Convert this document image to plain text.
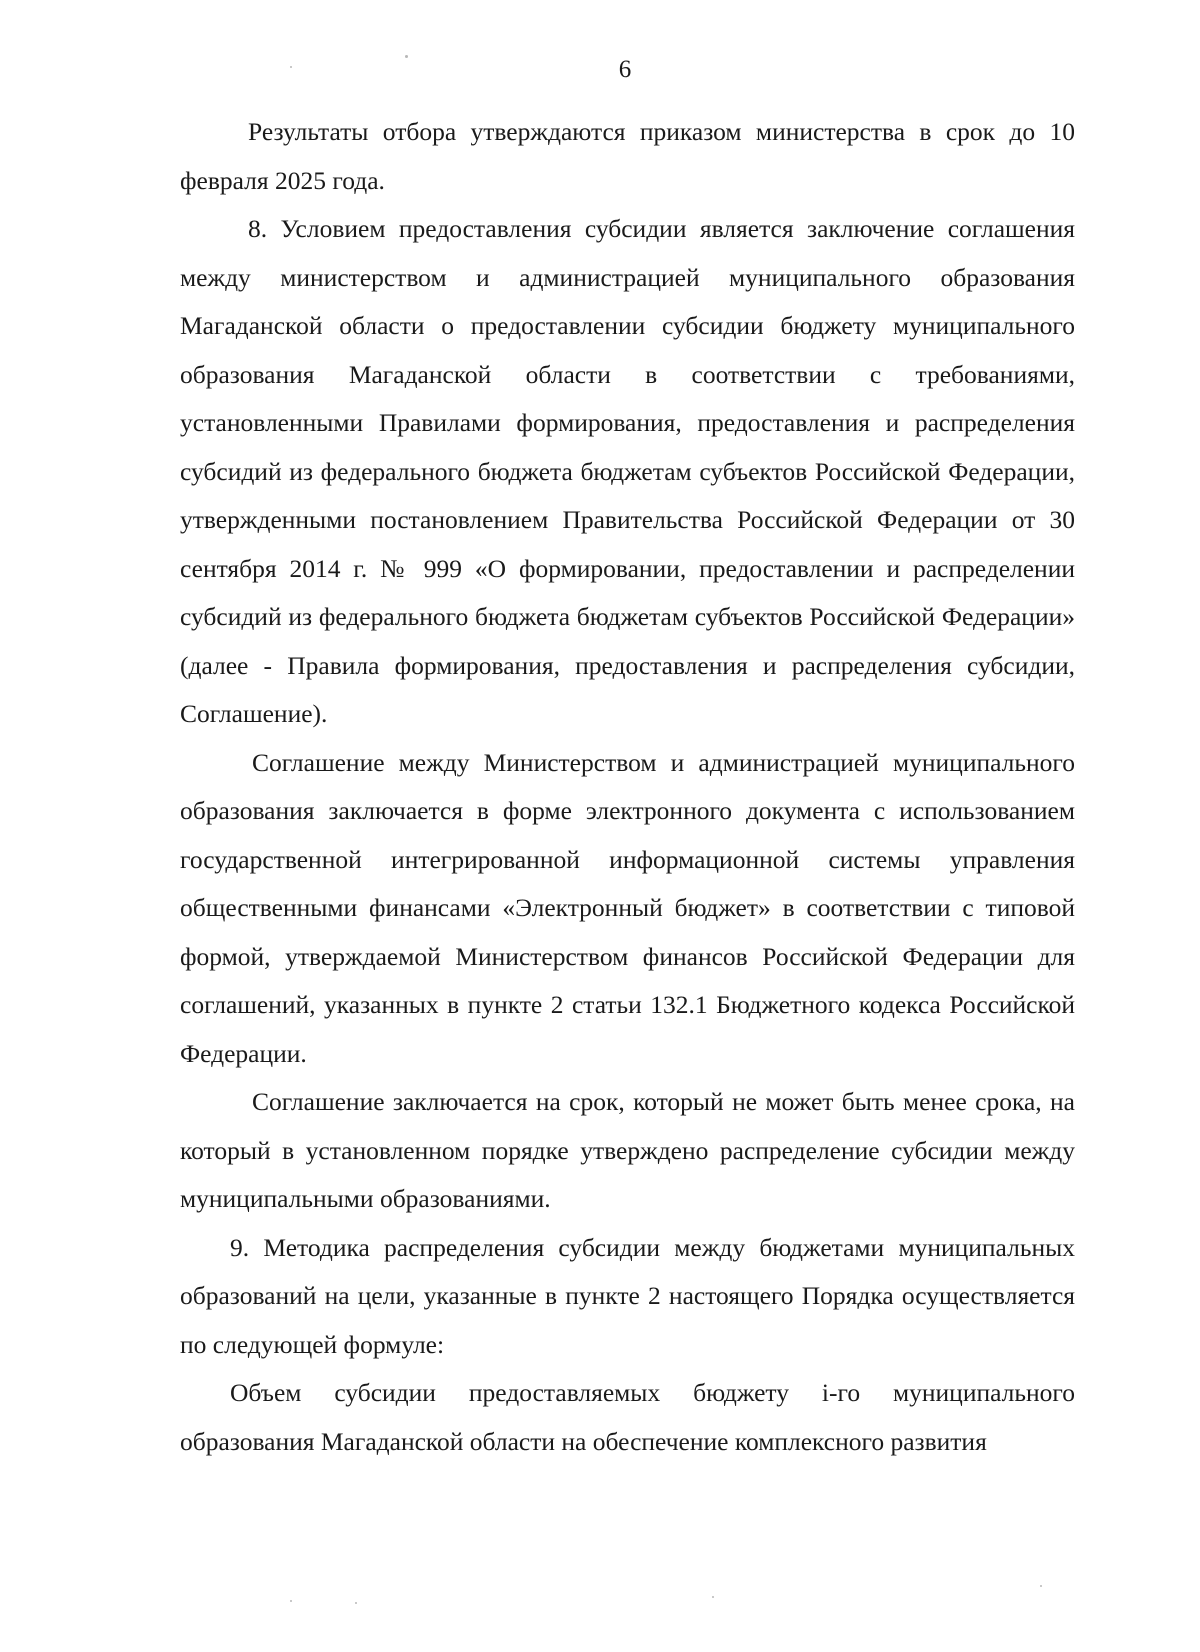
6

Результаты отбора утверждаются приказом министерства в срок до 10 февраля 2025 года.

8. Условием предоставления субсидии является заключение соглашения между министерством и администрацией муниципального образования Магаданской области о предоставлении субсидии бюджету муниципального образования Магаданской области в соответствии с требованиями, установленными Правилами формирования, предоставления и распределения субсидий из федерального бюджета бюджетам субъектов Российской Федерации, утвержденными постановлением Правительства Российской Федерации от 30 сентября 2014 г. № 999 «О формировании, предоставлении и распределении субсидий из федерального бюджета бюджетам субъектов Российской Федерации» (далее - Правила формирования, предоставления и распределения субсидии, Соглашение).

Соглашение между Министерством и администрацией муниципального образования заключается в форме электронного документа с использованием государственной интегрированной информационной системы управления общественными финансами «Электронный бюджет» в соответствии с типовой формой, утверждаемой Министерством финансов Российской Федерации для соглашений, указанных в пункте 2 статьи 132.1 Бюджетного кодекса Российской Федерации.

Соглашение заключается на срок, который не может быть менее срока, на который в установленном порядке утверждено распределение субсидии между муниципальными образованиями.

9. Методика распределения субсидии между бюджетами муниципальных образований на цели, указанные в пункте 2 настоящего Порядка осуществляется по следующей формуле:

Объем субсидии предоставляемых бюджету i-го муниципального образования Магаданской области на обеспечение комплексного развития
